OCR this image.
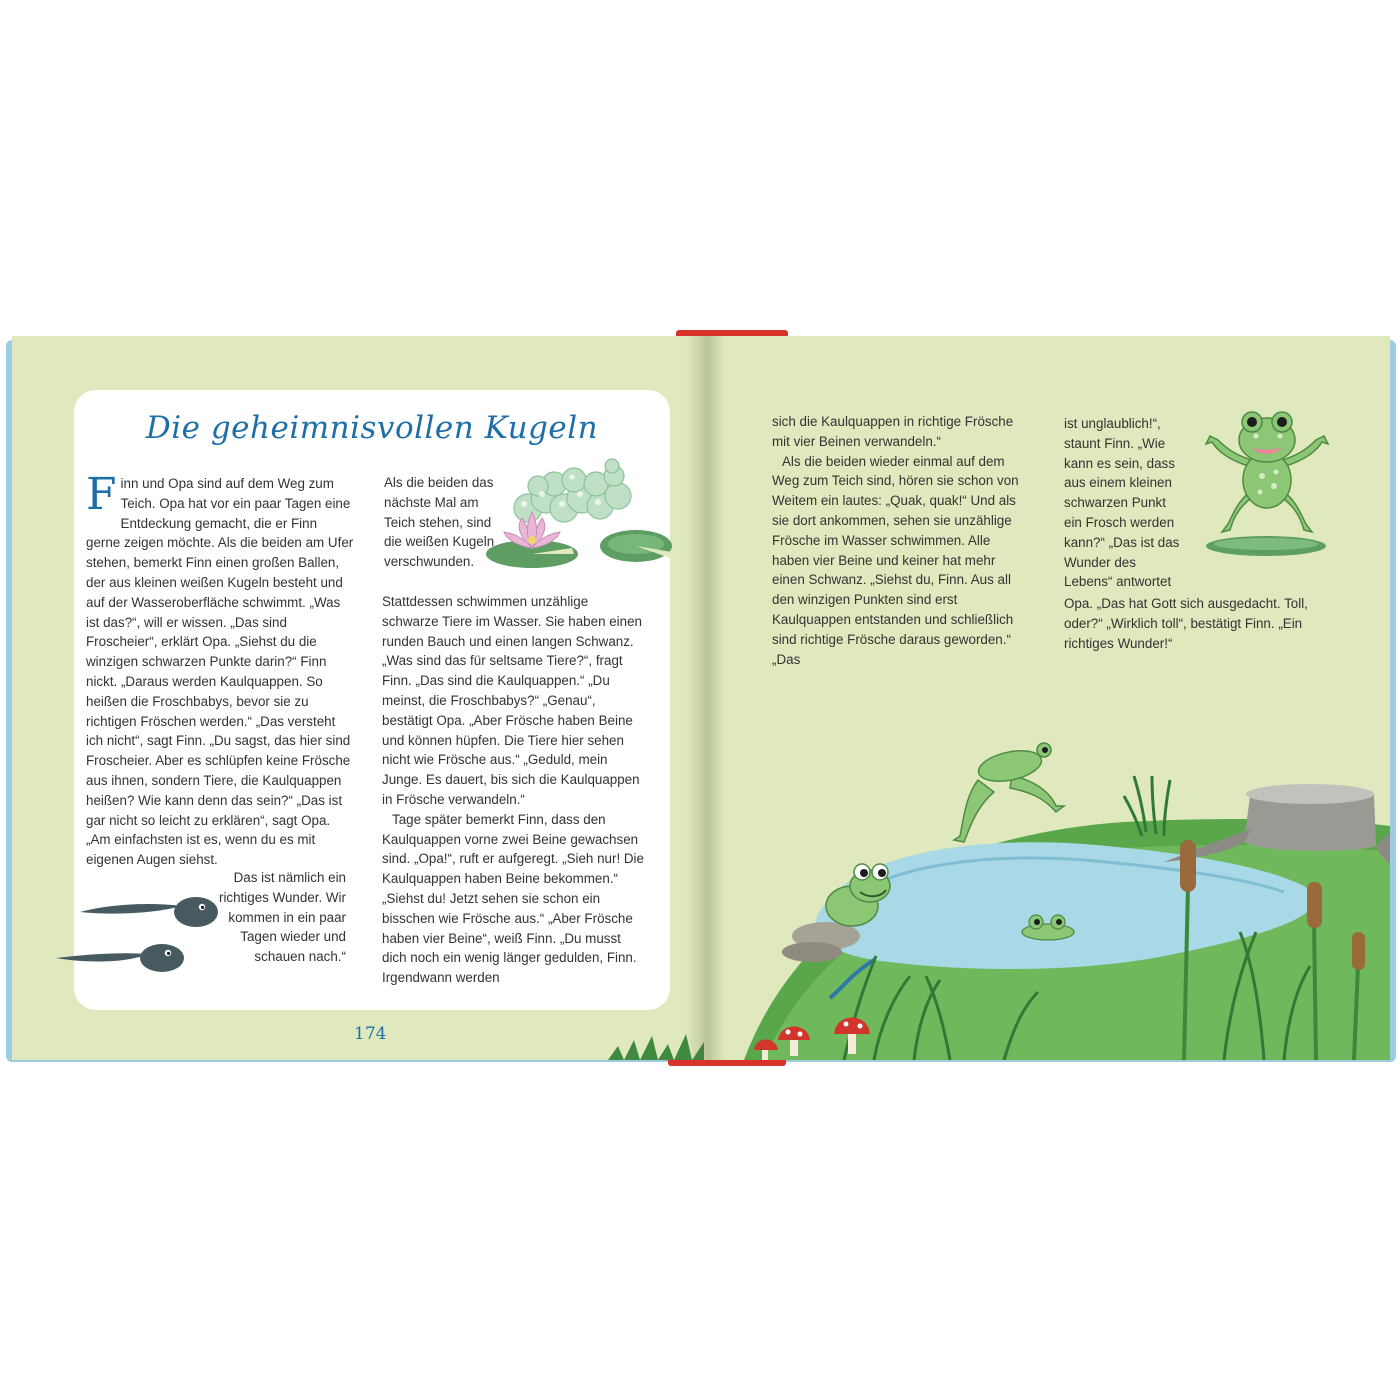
Die geheimnisvollen Kugeln

Finn und Opa sind auf dem Weg zum Teich. Opa hat vor ein paar Tagen eine Entdeckung gemacht, die er Finn gerne zeigen möchte. Als die beiden am Ufer stehen, bemerkt Finn einen großen Ballen, der aus kleinen weißen Kugeln besteht und auf der Wasseroberfläche schwimmt. „Was ist das?“, will er wissen. „Das sind Froscheier“, erklärt Opa. „Siehst du die winzigen schwarzen Punkte darin?“ Finn nickt. „Daraus werden Kaulquappen. So heißen die Froschbabys, bevor sie zu richtigen Fröschen werden.“ „Das versteht ich nicht“, sagt Finn. „Du sagst, das hier sind Froscheier. Aber es schlüpfen keine Frösche aus ihnen, sondern Tiere, die Kaulquappen heißen? Wie kann denn das sein?“ „Das ist gar nicht so leicht zu erklären“, sagt Opa. „Am einfachsten ist es, wenn du es mit eigenen Augen siehst.

Das ist nämlich ein richtiges Wunder. Wir kommen in ein paar Tagen wieder und schauen nach.“

Als die beiden das nächste Mal am Teich stehen, sind die weißen Kugeln verschwunden.

Stattdessen schwimmen unzählige schwarze Tiere im Wasser. Sie haben einen runden Bauch und einen langen Schwanz. „Was sind das für seltsame Tiere?“, fragt Finn. „Das sind die Kaulquappen.“ „Du meinst, die Froschbabys?“ „Genau“, bestätigt Opa. „Aber Frösche haben Beine und können hüpfen. Die Tiere hier sehen nicht wie Frösche aus.“ „Geduld, mein Junge. Es dauert, bis sich die Kaulquappen in Frösche verwandeln.“

Tage später bemerkt Finn, dass den Kaulquappen vorne zwei Beine gewachsen sind. „Opa!“, ruft er aufgeregt. „Sieh nur! Die Kaulquappen haben Beine bekommen.“ „Siehst du! Jetzt sehen sie schon ein bisschen wie Frösche aus.“ „Aber Frösche haben vier Beine“, weiß Finn. „Du musst dich noch ein wenig länger gedulden, Finn. Irgendwann werden

174

sich die Kaulquappen in richtige Frösche mit vier Beinen verwandeln.“

Als die beiden wieder einmal auf dem Weg zum Teich sind, hören sie schon von Weitem ein lautes: „Quak, quak!“ Und als sie dort ankommen, sehen sie unzählige Frösche im Wasser schwimmen. Alle haben vier Beine und keiner hat mehr einen Schwanz. „Siehst du, Finn. Aus all den winzigen Punkten sind erst Kaulquappen entstanden und schließlich sind richtige Frösche daraus geworden.“ „Das

ist unglaublich!“, staunt Finn. „Wie kann es sein, dass aus einem kleinen schwarzen Punkt ein Frosch werden kann?“ „Das ist das Wunder des Lebens“ antwortet

Opa. „Das hat Gott sich ausgedacht. Toll, oder?“ „Wirklich toll“, bestätigt Finn. „Ein richtiges Wunder!“
